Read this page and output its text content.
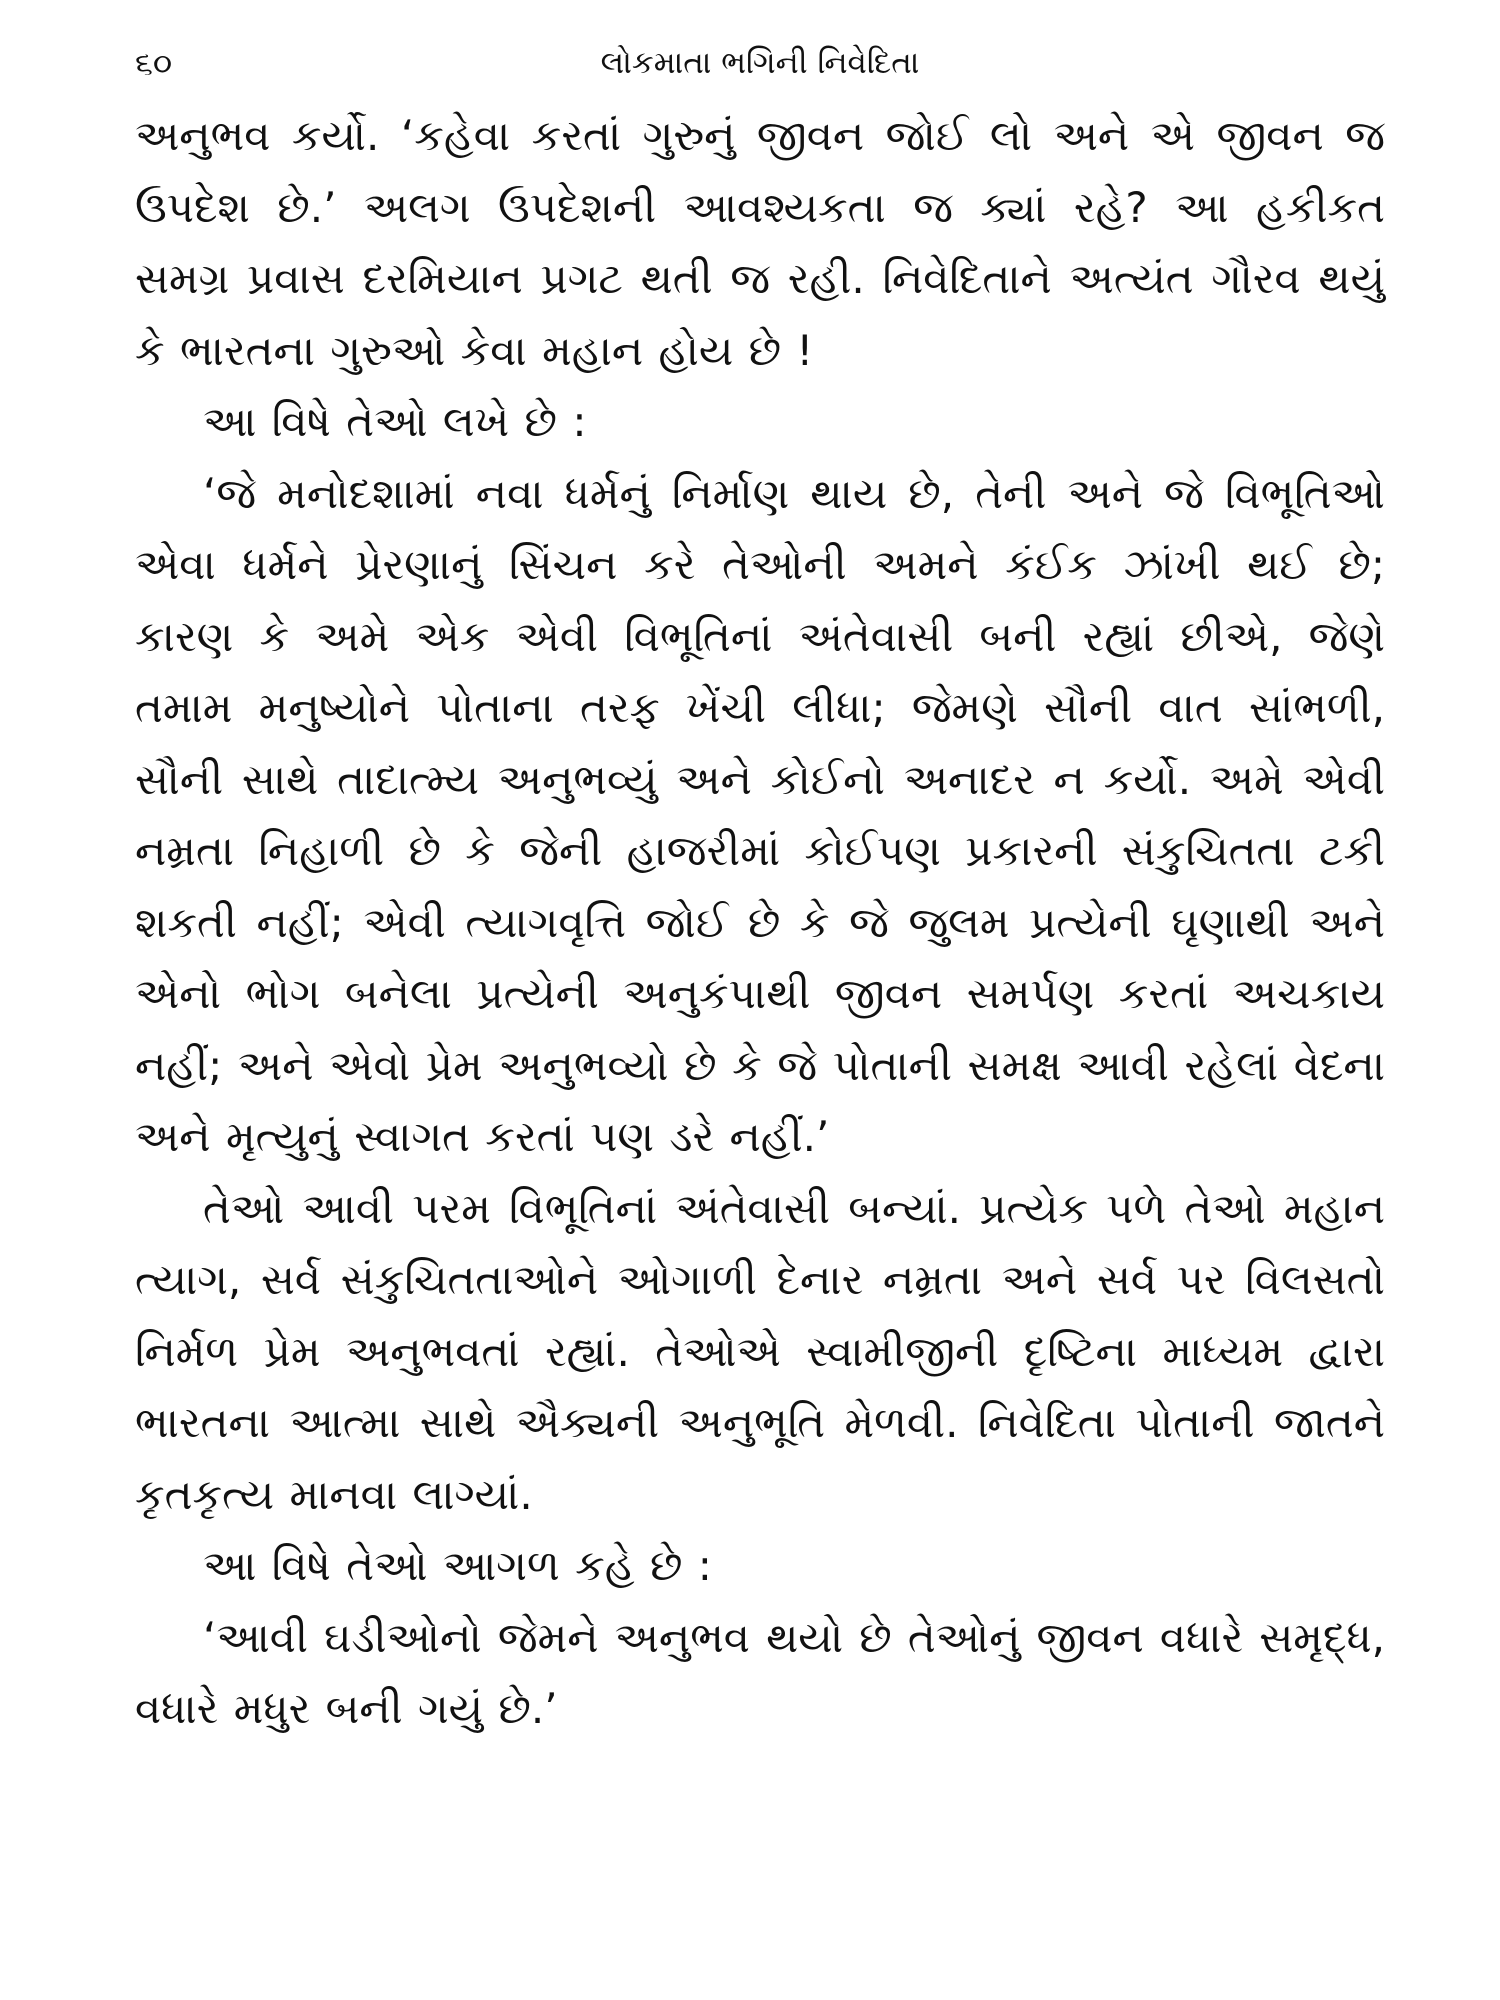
૬૦	લોકમાતા ભગિની નિવેદિતા

અનુભવ કર્યો. ‘કહેવા કરતાં ગુરુનું જીવન જોઈ લો અને એ જીવન જ ઉપદેશ છે.’ અલગ ઉપદેશની આવશ્યકતા જ ક્યાં રહે? આ હકીકત સમગ્ર પ્રવાસ દરમિયાન પ્રગટ થતી જ રહી. નિવેદિતાને અત્યંત ગૌરવ થયું કે ભારતના ગુરુઓ કેવા મહાન હોય છે !

આ વિષે તેઓ લખે છે :

‘જે મનોદશામાં નવા ધર્મનું નિર્માણ થાય છે, તેની અને જે વિભૂતિઓ એવા ધર્મને પ્રેરણાનું સિંચન કરે તેઓની અમને કંઈક ઝાંખી થઈ છે; કારણ કે અમે એક એવી વિભૂતિનાં અંતેવાસી બની રહ્યાં છીએ, જેણે તમામ મનુષ્યોને પોતાના તરફ ખેંચી લીધા; જેમણે સૌની વાત સાંભળી, સૌની સાથે તાદાત્મ્ય અનુભવ્યું અને કોઈનો અનાદર ન કર્યો. અમે એવી નમ્રતા નિહાળી છે કે જેની હાજરીમાં કોઈપણ પ્રકારની સંકુચિતતા ટકી શકતી નહીં; એવી ત્યાગવૃત્તિ જોઈ છે કે જે જુલમ પ્રત્યેની ઘૃણાથી અને એનો ભોગ બનેલા પ્રત્યેની અનુકંપાથી જીવન સમર્પણ કરતાં અચકાય નહીં; અને એવો પ્રેમ અનુભવ્યો છે કે જે પોતાની સમક્ષ આવી રહેલાં વેદના અને મૃત્યુનું સ્વાગત કરતાં પણ ડરે નહીં.’

તેઓ આવી પરમ વિભૂતિનાં અંતેવાસી બન્યાં. પ્રત્યેક પળે તેઓ મહાન ત્યાગ, સર્વ સંકુચિતતાઓને ઓગાળી દેનાર નમ્રતા અને સર્વ પર વિલસતો નિર્મળ પ્રેમ અનુભવતાં રહ્યાં. તેઓએ સ્વામીજીની દૃષ્ટિના માધ્યમ દ્વારા ભારતના આત્મા સાથે ઐક્યની અનુભૂતિ મેળવી. નિવેદિતા પોતાની જાતને કૃતકૃત્ય માનવા લાગ્યાં.

આ વિષે તેઓ આગળ કહે છે :

‘આવી ઘડીઓનો જેમને અનુભવ થયો છે તેઓનું જીવન વધારે સમૃદ્ધ, વધારે મધુર બની ગયું છે.’
